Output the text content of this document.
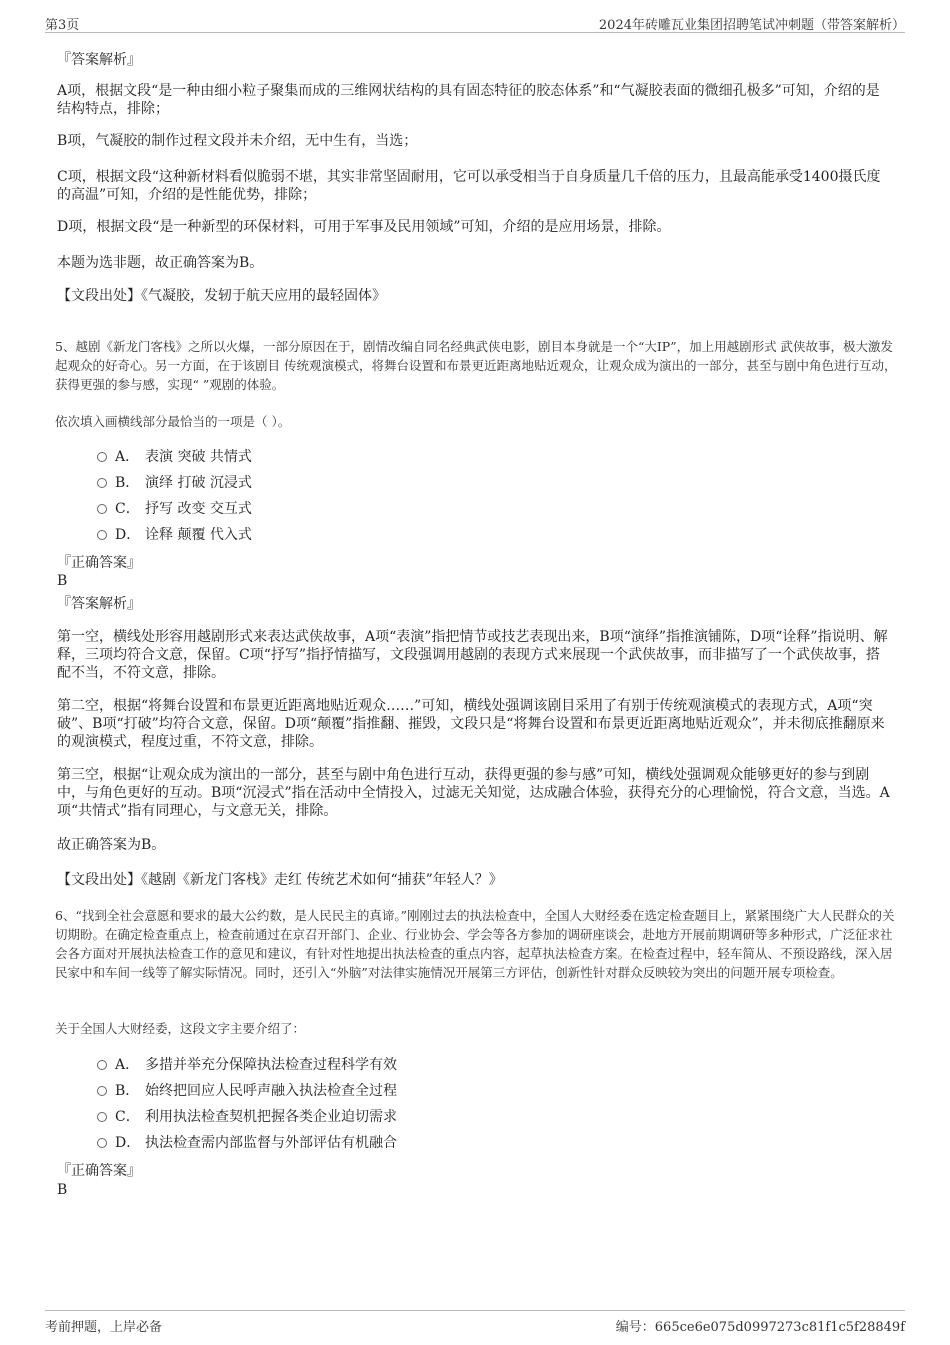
第3页	2024年砖雕瓦业集团招聘笔试冲刺题（带答案解析）

『答案解析』

A项，根据文段“是一种由细小粒子聚集而成的三维网状结构的具有固态特征的胶态体系”和“气凝胶表面的微细孔极多”可知，介绍的是结构特点，排除；

B项，气凝胶的制作过程文段并未介绍，无中生有，当选；

C项，根据文段“这种新材料看似脆弱不堪，其实非常坚固耐用，它可以承受相当于自身质量几千倍的压力，且最高能承受1400摄氏度的高温”可知，介绍的是性能优势，排除；

D项，根据文段“是一种新型的环保材料，可用于军事及民用领域”可知，介绍的是应用场景，排除。

本题为选非题，故正确答案为B。

【文段出处】《气凝胶，发轫于航天应用的最轻固体》

5、越剧《新龙门客栈》之所以火爆，一部分原因在于，剧情改编自同名经典武侠电影，剧目本身就是一个“大IP”，加上用越剧形式 武侠故事，极大激发起观众的好奇心。另一方面，在于该剧目 传统观演模式，将舞台设置和布景更近距离地贴近观众，让观众成为演出的一部分，甚至与剧中角色进行互动，获得更强的参与感，实现“ ”观剧的体验。

依次填入画横线部分最恰当的一项是（ ）。

A． 表演 突破 共情式
B． 演绎 打破 沉浸式
C． 抒写 改变 交互式
D． 诠释 颠覆 代入式

『正确答案』

B

『答案解析』

第一空，横线处形容用越剧形式来表达武侠故事，A项“表演”指把情节或技艺表现出来，B项“演绎”指推演铺陈，D项“诠释”指说明、解释，三项均符合文意，保留。C项“抒写”指抒情描写，文段强调用越剧的表现方式来展现一个武侠故事，而非描写了一个武侠故事，搭配不当，不符文意，排除。

第二空，根据“将舞台设置和布景更近距离地贴近观众……”可知，横线处强调该剧目采用了有别于传统观演模式的表现方式，A项“突破”、B项“打破”均符合文意，保留。D项“颠覆”指推翻、摧毁，文段只是“将舞台设置和布景更近距离地贴近观众”，并未彻底推翻原来的观演模式，程度过重，不符文意，排除。

第三空，根据“让观众成为演出的一部分，甚至与剧中角色进行互动，获得更强的参与感”可知，横线处强调观众能够更好的参与到剧中，与角色更好的互动。B项“沉浸式”指在活动中全情投入，过滤无关知觉，达成融合体验，获得充分的心理愉悦，符合文意，当选。A项“共情式”指有同理心，与文意无关，排除。

故正确答案为B。

【文段出处】《越剧《新龙门客栈》走红 传统艺术如何“捕获”年轻人？》

6、“找到全社会意愿和要求的最大公约数，是人民民主的真谛。”刚刚过去的执法检查中，全国人大财经委在选定检查题目上，紧紧围绕广大人民群众的关切期盼。在确定检查重点上，检查前通过在京召开部门、企业、行业协会、学会等各方参加的调研座谈会，赴地方开展前期调研等多种形式，广泛征求社会各方面对开展执法检查工作的意见和建议，有针对性地提出执法检查的重点内容，起草执法检查方案。在检查过程中，轻车简从、不预设路线，深入居民家中和车间一线等了解实际情况。同时，还引入“外脑”对法律实施情况开展第三方评估，创新性针对群众反映较为突出的问题开展专项检查。

关于全国人大财经委，这段文字主要介绍了：

A． 多措并举充分保障执法检查过程科学有效
B． 始终把回应人民呼声融入执法检查全过程
C． 利用执法检查契机把握各类企业迫切需求
D． 执法检查需内部监督与外部评估有机融合

『正确答案』

B

考前押题，上岸必备	编号：665ce6e075d0997273c81f1c5f28849f
